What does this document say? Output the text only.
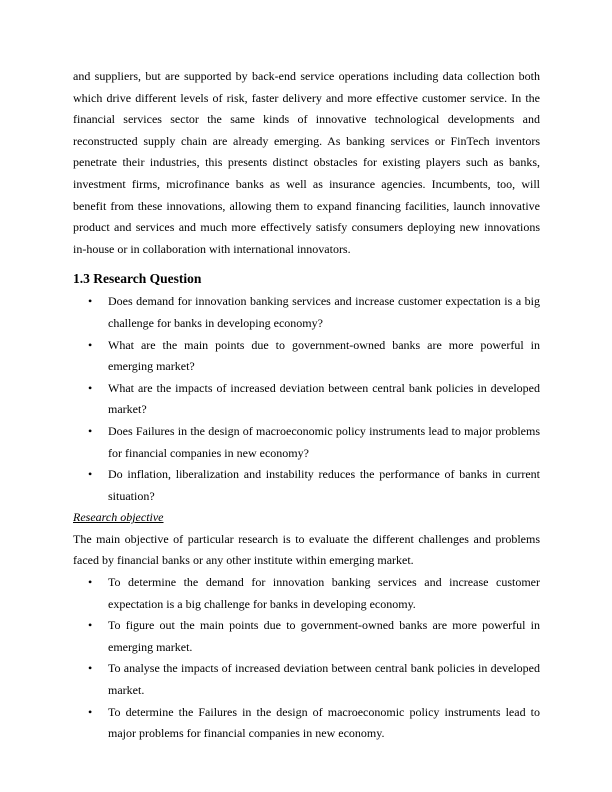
and suppliers, but are supported by back-end service operations including data collection both which drive different levels of risk, faster delivery and more effective customer service. In the financial services sector the same kinds of innovative technological developments and reconstructed supply chain are already emerging. As banking services or FinTech inventors penetrate their industries, this presents distinct obstacles for existing players such as banks, investment firms, microfinance banks as well as insurance agencies. Incumbents, too, will benefit from these innovations, allowing them to expand financing facilities, launch innovative product and services and much more effectively satisfy consumers deploying new innovations in-house or in collaboration with international innovators.

1.3 Research Question
• Does demand for innovation banking services and increase customer expectation is a big challenge for banks in developing economy?
• What are the main points due to government-owned banks are more powerful in emerging market?
• What are the impacts of increased deviation between central bank policies in developed market?
• Does Failures in the design of macroeconomic policy instruments lead to major problems for financial companies in new economy?
• Do inflation, liberalization and instability reduces the performance of banks in current situation?

Research objective

The main objective of particular research is to evaluate the different challenges and problems faced by financial banks or any other institute within emerging market.

• To determine the demand for innovation banking services and increase customer expectation is a big challenge for banks in developing economy.
• To figure out the main points due to government-owned banks are more powerful in emerging market.
• To analyse the impacts of increased deviation between central bank policies in developed market.
• To determine the Failures in the design of macroeconomic policy instruments lead to major problems for financial companies in new economy.
